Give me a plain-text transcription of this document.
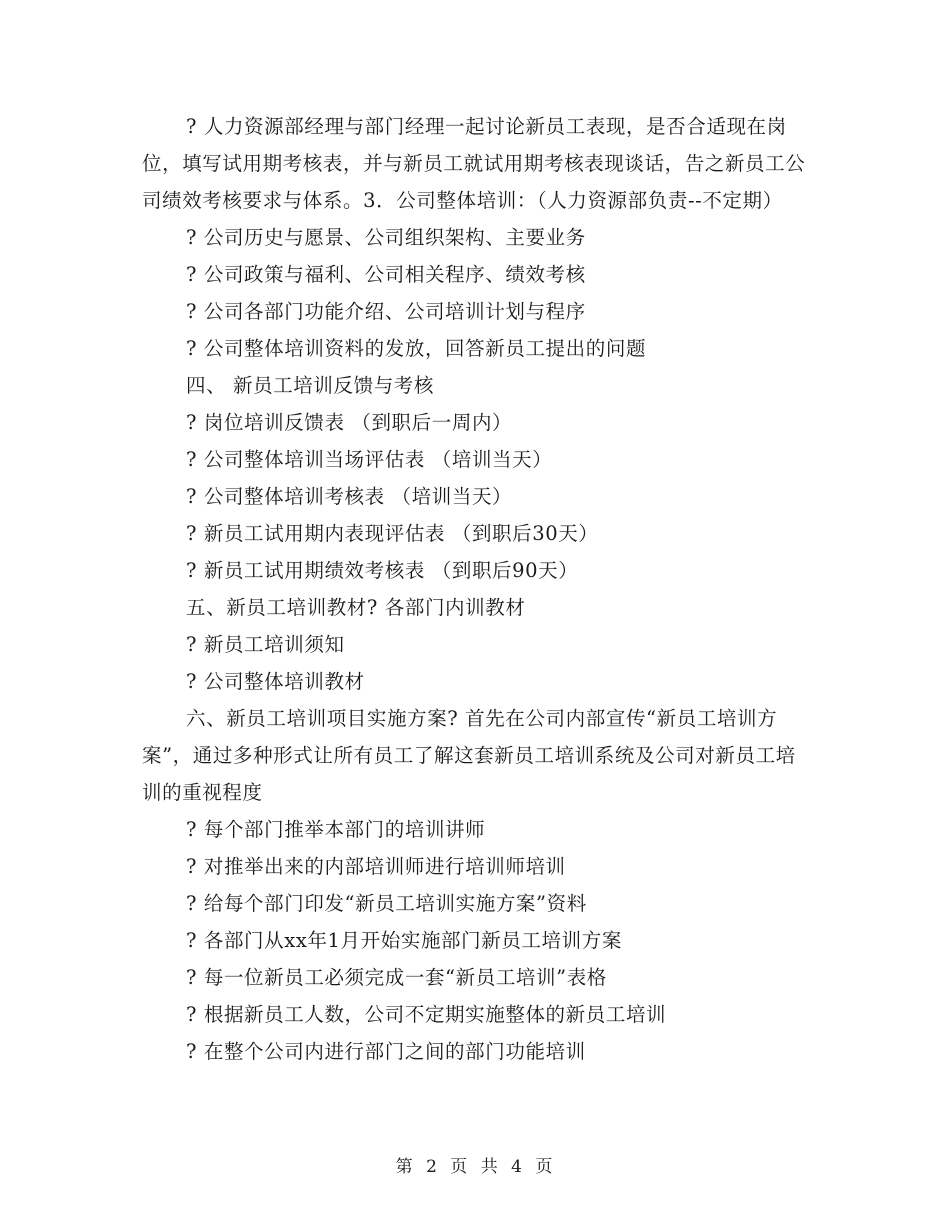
? 人力资源部经理与部门经理一起讨论新员工表现，是否合适现在岗位，填写试用期考核表，并与新员工就试用期考核表现谈话，告之新员工公司绩效考核要求与体系。3．公司整体培训：（人力资源部负责--不定期）

? 公司历史与愿景、公司组织架构、主要业务

? 公司政策与福利、公司相关程序、绩效考核

? 公司各部门功能介绍、公司培训计划与程序

? 公司整体培训资料的发放，回答新员工提出的问题

四、 新员工培训反馈与考核

? 岗位培训反馈表 （到职后一周内）

? 公司整体培训当场评估表 （培训当天）

? 公司整体培训考核表 （培训当天）

? 新员工试用期内表现评估表 （到职后30天）

? 新员工试用期绩效考核表 （到职后90天）

五、新员工培训教材? 各部门内训教材

? 新员工培训须知

? 公司整体培训教材

六、新员工培训项目实施方案? 首先在公司内部宣传“新员工培训方案”，通过多种形式让所有员工了解这套新员工培训系统及公司对新员工培训的重视程度

? 每个部门推举本部门的培训讲师

? 对推举出来的内部培训师进行培训师培训

? 给每个部门印发“新员工培训实施方案”资料

? 各部门从xx年1月开始实施部门新员工培训方案

? 每一位新员工必须完成一套“新员工培训”表格

? 根据新员工人数，公司不定期实施整体的新员工培训

? 在整个公司内进行部门之间的部门功能培训

第 2 页 共 4 页
